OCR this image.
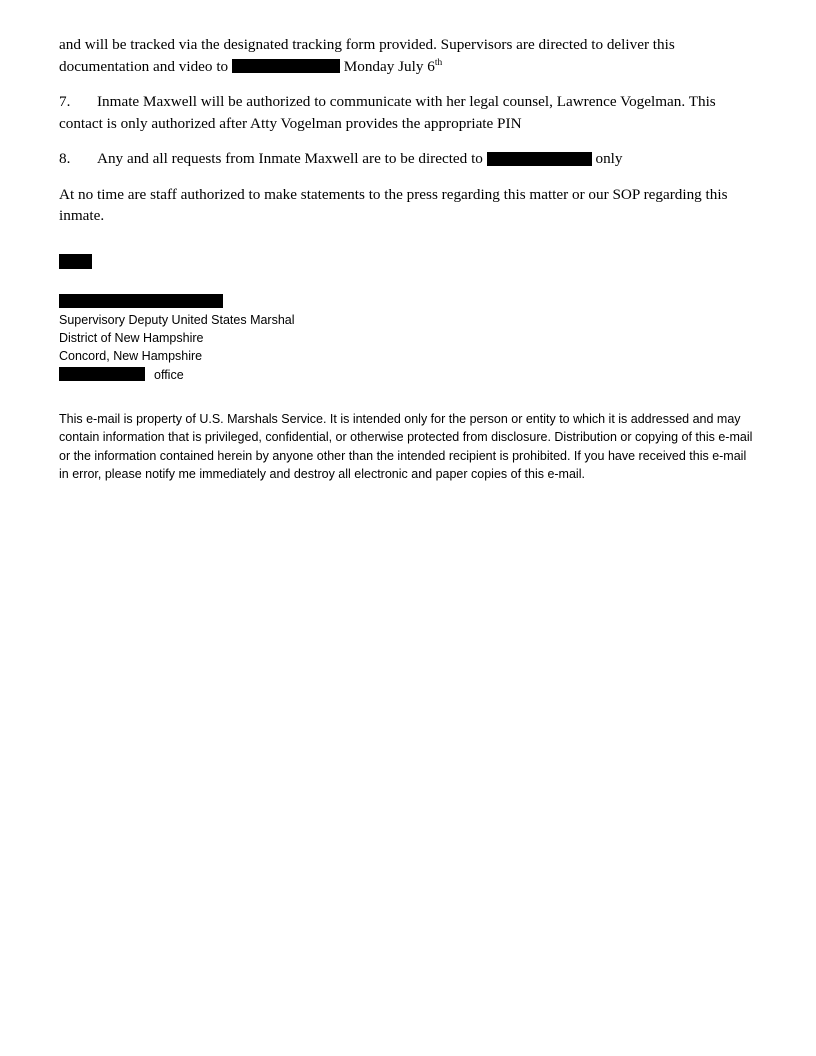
and will be tracked via the designated tracking form provided. Supervisors are directed to deliver this documentation and video to	Monday July 6th

7. Inmate Maxwell will be authorized to communicate with her legal counsel, Lawrence Vogelman. This contact is only authorized after Atty Vogelman provides the appropriate PIN

8. Any and all requests from Inmate Maxwell are to be directed to	only

At no time are staff authorized to make statements to the press regarding this matter or our SOP regarding this inmate.

Supervisory Deputy United States Marshal
District of New Hampshire
Concord, New Hampshire
office
This e-mail is property of U.S. Marshals Service. It is intended only for the person or entity to which it is addressed and may contain information that is privileged, confidential, or otherwise protected from disclosure. Distribution or copying of this e-mail or the information contained herein by anyone other than the intended recipient is prohibited. If you have received this e-mail in error, please notify me immediately and destroy all electronic and paper copies of this e-mail.
